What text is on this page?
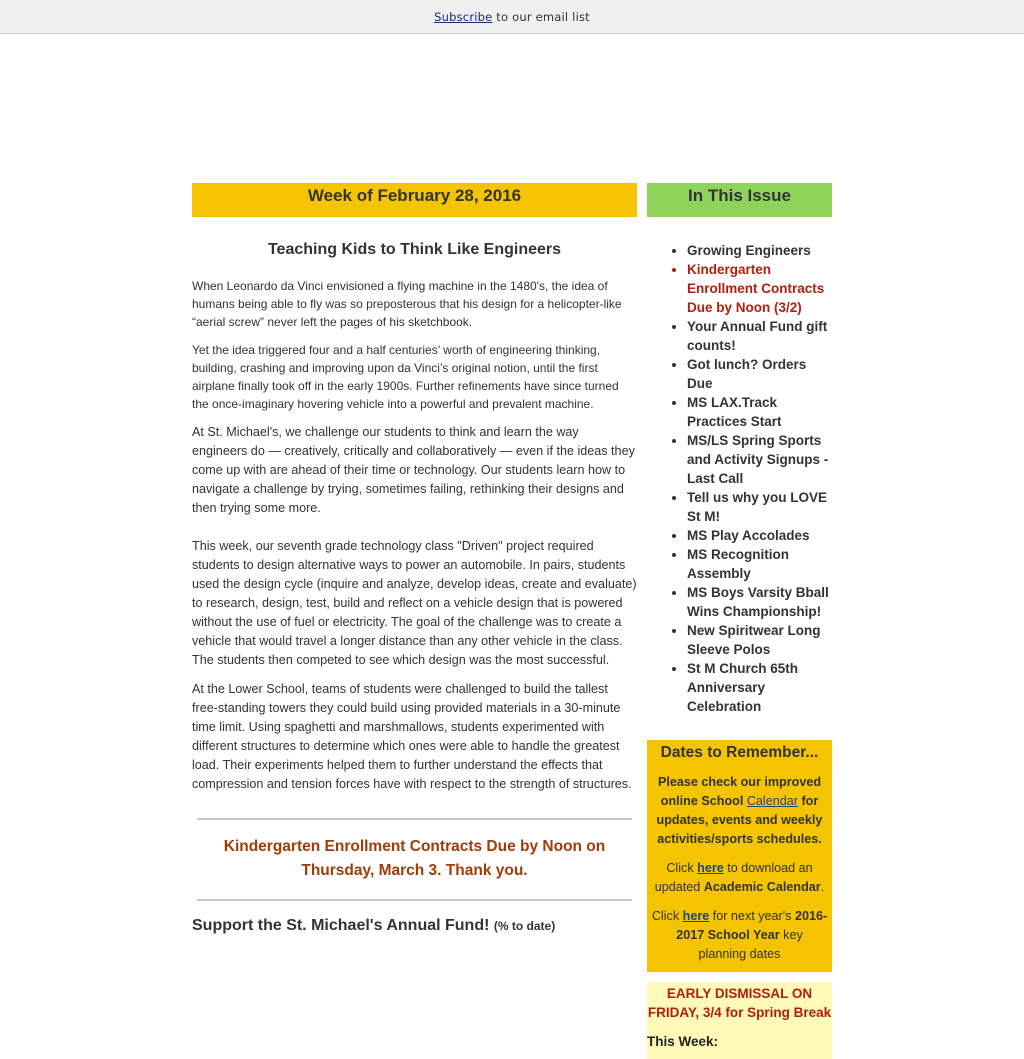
Subscribe to our email list
Week of February 28, 2016
Teaching Kids to Think Like Engineers

When Leonardo da Vinci envisioned a flying machine in the 1480's, the idea of humans being able to fly was so preposterous that his design for a helicopter-like “aerial screw” never left the pages of his sketchbook.

Yet the idea triggered four and a half centuries’ worth of engineering thinking, building, crashing and improving upon da Vinci’s original notion, until the first airplane finally took off in the early 1900s. Further refinements have since turned the once-imaginary hovering vehicle into a powerful and prevalent machine.

At St. Michael's, we challenge our students to think and learn the way engineers do — creatively, critically and collaboratively — even if the ideas they come up with are ahead of their time or technology. Our students learn how to navigate a challenge by trying, sometimes failing, rethinking their designs and then trying some more.

This week, our seventh grade technology class "Driven" project required students to design alternative ways to power an automobile. In pairs, students used the design cycle (inquire and analyze, develop ideas, create and evaluate) to research, design, test, build and reflect on a vehicle design that is powered without the use of fuel or electricity. The goal of the challenge was to create a vehicle that would travel a longer distance than any other vehicle in the class. The students then competed to see which design was the most successful.

At the Lower School, teams of students were challenged to build the tallest free-standing towers they could build using provided materials in a 30-minute time limit. Using spaghetti and marshmallows, students experimented with different structures to determine which ones were able to handle the greatest load. Their experiments helped them to further understand the effects that compression and tension forces have with respect to the strength of structures.

Kindergarten Enrollment Contracts Due by Noon on Thursday, March 3. Thank you.
Support the St. Michael's Annual Fund! (% to date)
In This Issue
• Growing Engineers
• Kindergarten Enrollment Contracts Due by Noon (3/2)
• Your Annual Fund gift counts!
• Got lunch? Orders Due
• MS LAX.Track Practices Start
• MS/LS Spring Sports and Activity Signups - Last Call
• Tell us why you LOVE St M!
• MS Play Accolades
• MS Recognition Assembly
• MS Boys Varsity Bball Wins Championship!
• New Spiritwear Long Sleeve Polos
• St M Church 65th Anniversary Celebration
Dates to Remember...

Please check our improved online School Calendar for updates, events and weekly activities/sports schedules.

Click here to download an updated Academic Calendar.

Click here for next year's 2016-2017 School Year key planning dates

EARLY DISMISSAL ON FRIDAY, 3/4 for Spring Break
This Week:
